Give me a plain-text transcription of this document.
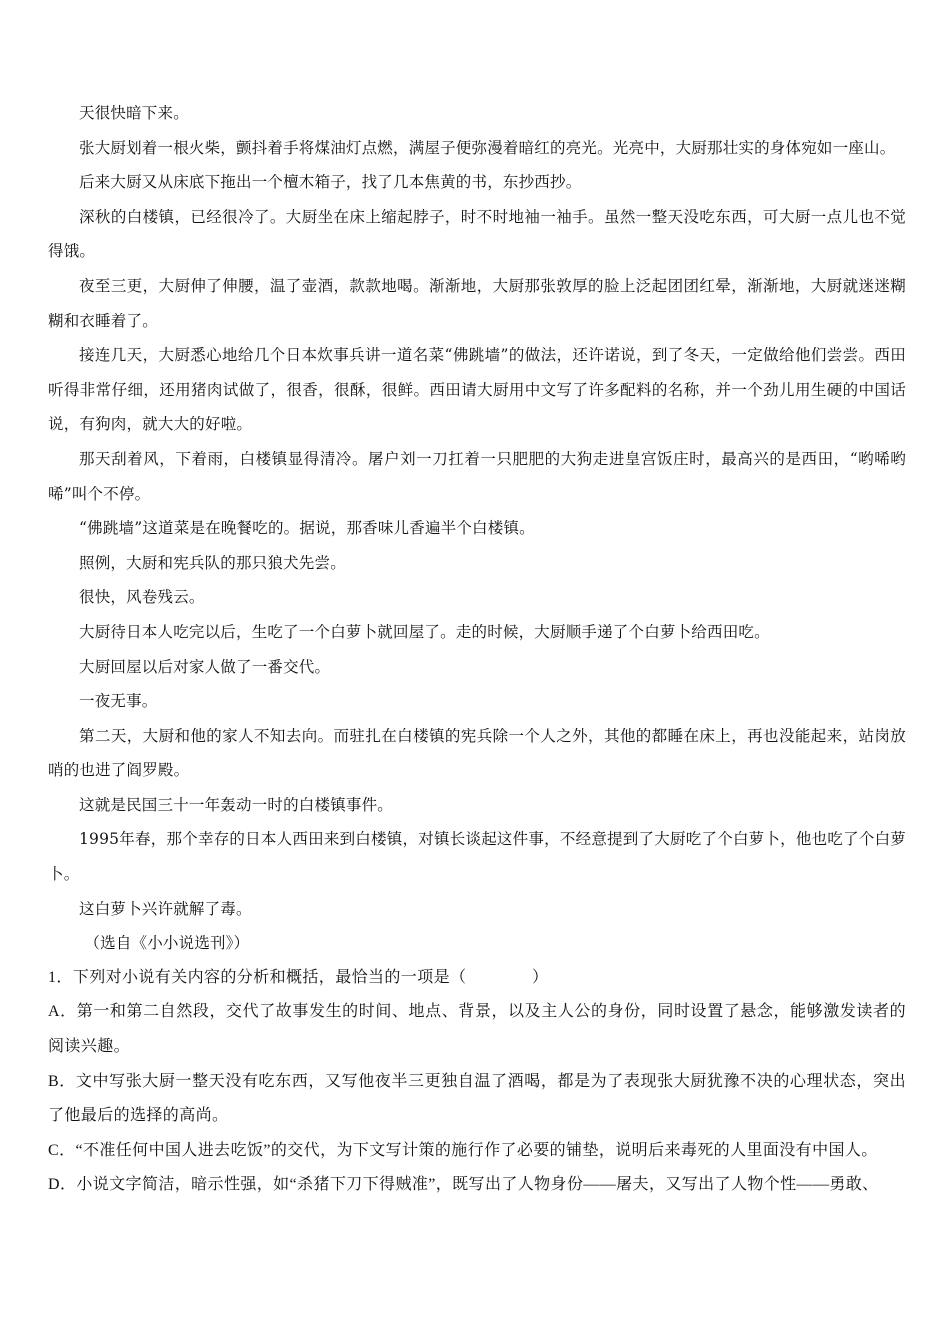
天很快暗下来。

张大厨划着一根火柴，颤抖着手将煤油灯点燃，满屋子便弥漫着暗红的亮光。光亮中，大厨那壮实的身体宛如一座山。

后来大厨又从床底下拖出一个檀木箱子，找了几本焦黄的书，东抄西抄。

深秋的白楼镇，已经很冷了。大厨坐在床上缩起脖子，时不时地袖一袖手。虽然一整天没吃东西，可大厨一点儿也不觉得饿。

夜至三更，大厨伸了伸腰，温了壶酒，款款地喝。渐渐地，大厨那张敦厚的脸上泛起团团红晕，渐渐地，大厨就迷迷糊糊和衣睡着了。

接连几天，大厨悉心地给几个日本炊事兵讲一道名菜“佛跳墙”的做法，还许诺说，到了冬天，一定做给他们尝尝。西田听得非常仔细，还用猪肉试做了，很香，很酥，很鲜。西田请大厨用中文写了许多配料的名称，并一个劲儿用生硬的中国话说，有狗肉，就大大的好啦。

那天刮着风，下着雨，白楼镇显得清冷。屠户刘一刀扛着一只肥肥的大狗走进皇宫饭庄时，最高兴的是西田，“哟唏哟唏”叫个不停。

“佛跳墙”这道菜是在晚餐吃的。据说，那香味儿香遍半个白楼镇。

照例，大厨和宪兵队的那只狼犬先尝。

很快，风卷残云。

大厨待日本人吃完以后，生吃了一个白萝卜就回屋了。走的时候，大厨顺手递了个白萝卜给西田吃。

大厨回屋以后对家人做了一番交代。

一夜无事。

第二天，大厨和他的家人不知去向。而驻扎在白楼镇的宪兵除一个人之外，其他的都睡在床上，再也没能起来，站岗放哨的也进了阎罗殿。

这就是民国三十一年轰动一时的白楼镇事件。

1995年春，那个幸存的日本人西田来到白楼镇，对镇长谈起这件事，不经意提到了大厨吃了个白萝卜，他也吃了个白萝卜。

这白萝卜兴许就解了毒。

（选自《小小说选刊》）

1．下列对小说有关内容的分析和概括，最恰当的一项是（　　　　）

A．第一和第二自然段，交代了故事发生的时间、地点、背景，以及主人公的身份，同时设置了悬念，能够激发读者的阅读兴趣。

B．文中写张大厨一整天没有吃东西，又写他夜半三更独自温了酒喝，都是为了表现张大厨犹豫不决的心理状态，突出了他最后的选择的高尚。

C．“不准任何中国人进去吃饭”的交代，为下文写计策的施行作了必要的铺垫，说明后来毒死的人里面没有中国人。

D．小说文字简洁，暗示性强，如“杀猪下刀下得贼准”，既写出了人物身份——屠夫，又写出了人物个性——勇敢、
